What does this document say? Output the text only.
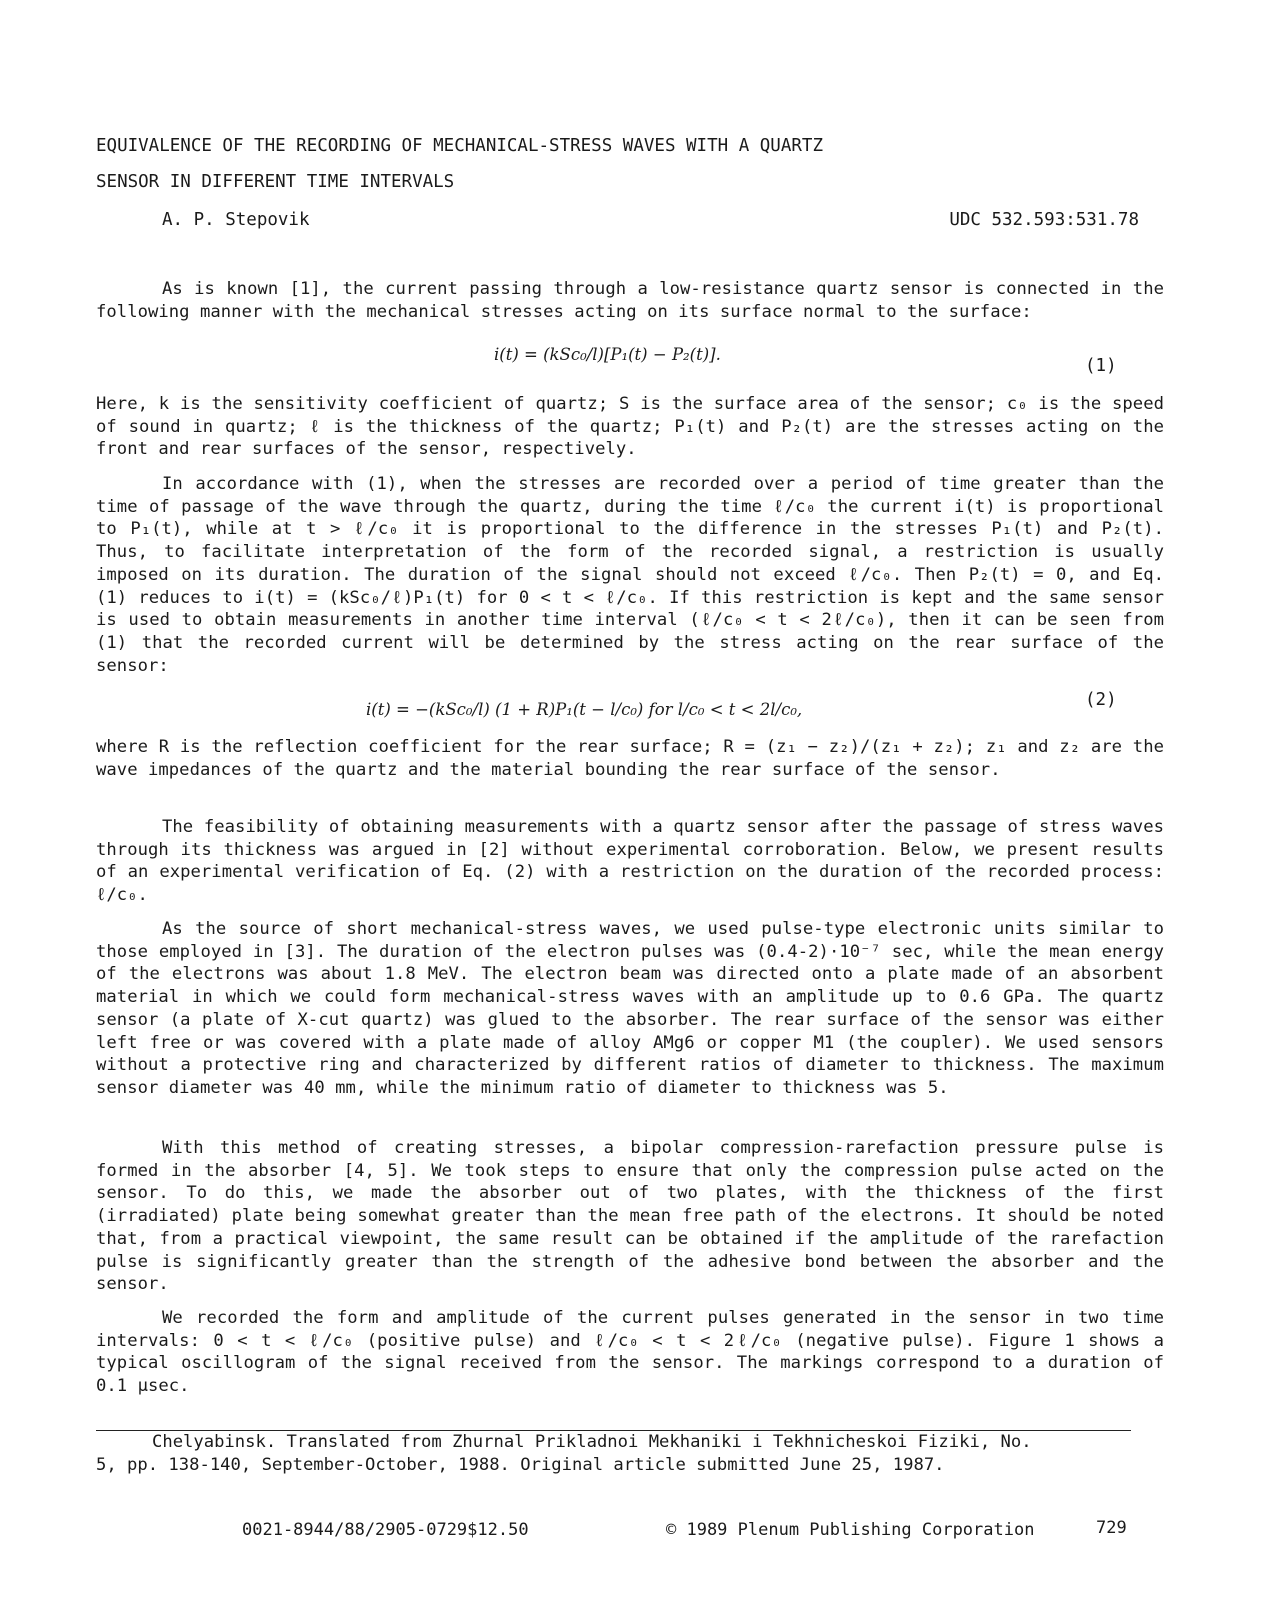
EQUIVALENCE OF THE RECORDING OF MECHANICAL-STRESS WAVES WITH A QUARTZ
SENSOR IN DIFFERENT TIME INTERVALS
A. P. Stepovik	UDC 532.593:531.78

As is known [1], the current passing through a low-resistance quartz sensor is connected in the following manner with the mechanical stresses acting on its surface normal to the surface:

i(t) = (kSc₀/l)[P₁(t) − P₂(t)].
(1)

Here, k is the sensitivity coefficient of quartz; S is the surface area of the sensor; c₀ is the speed of sound in quartz; ℓ is the thickness of the quartz; P₁(t) and P₂(t) are the stresses acting on the front and rear surfaces of the sensor, respectively.

In accordance with (1), when the stresses are recorded over a period of time greater than the time of passage of the wave through the quartz, during the time ℓ/c₀ the current i(t) is proportional to P₁(t), while at t > ℓ/c₀ it is proportional to the difference in the stresses P₁(t) and P₂(t). Thus, to facilitate interpretation of the form of the recorded signal, a restriction is usually imposed on its duration. The duration of the signal should not exceed ℓ/c₀. Then P₂(t) = 0, and Eq. (1) reduces to i(t) = (kSc₀/ℓ)P₁(t) for 0 < t < ℓ/c₀. If this restriction is kept and the same sensor is used to obtain measurements in another time interval (ℓ/c₀ < t < 2ℓ/c₀), then it can be seen from (1) that the recorded current will be determined by the stress acting on the rear surface of the sensor:

i(t) = −(kSc₀/l) (1 + R)P₁(t − l/c₀) for l/c₀ < t < 2l/c₀,	(2)

where R is the reflection coefficient for the rear surface; R = (z₁ − z₂)/(z₁ + z₂); z₁ and z₂ are the wave impedances of the quartz and the material bounding the rear surface of the sensor.

The feasibility of obtaining measurements with a quartz sensor after the passage of stress waves through its thickness was argued in [2] without experimental corroboration. Below, we present results of an experimental verification of Eq. (2) with a restriction on the duration of the recorded process: ℓ/c₀.

As the source of short mechanical-stress waves, we used pulse-type electronic units similar to those employed in [3]. The duration of the electron pulses was (0.4-2)·10⁻⁷ sec, while the mean energy of the electrons was about 1.8 MeV. The electron beam was directed onto a plate made of an absorbent material in which we could form mechanical-stress waves with an amplitude up to 0.6 GPa. The quartz sensor (a plate of X-cut quartz) was glued to the absorber. The rear surface of the sensor was either left free or was covered with a plate made of alloy AMg6 or copper M1 (the coupler). We used sensors without a protective ring and characterized by different ratios of diameter to thickness. The maximum sensor diameter was 40 mm, while the minimum ratio of diameter to thickness was 5.

With this method of creating stresses, a bipolar compression-rarefaction pressure pulse is formed in the absorber [4, 5]. We took steps to ensure that only the compression pulse acted on the sensor. To do this, we made the absorber out of two plates, with the thickness of the first (irradiated) plate being somewhat greater than the mean free path of the electrons. It should be noted that, from a practical viewpoint, the same result can be obtained if the amplitude of the rarefaction pulse is significantly greater than the strength of the adhesive bond between the absorber and the sensor.

We recorded the form and amplitude of the current pulses generated in the sensor in two time intervals: 0 < t < ℓ/c₀ (positive pulse) and ℓ/c₀ < t < 2ℓ/c₀ (negative pulse). Figure 1 shows a typical oscillogram of the signal received from the sensor. The markings correspond to a duration of 0.1 μsec.

Chelyabinsk. Translated from Zhurnal Prikladnoi Mekhaniki i Tekhnicheskoi Fiziki, No.

5, pp. 138-140, September-October, 1988. Original article submitted June 25, 1987.

0021-8944/88/2905-0729$12.50	© 1989 Plenum Publishing Corporation	729
